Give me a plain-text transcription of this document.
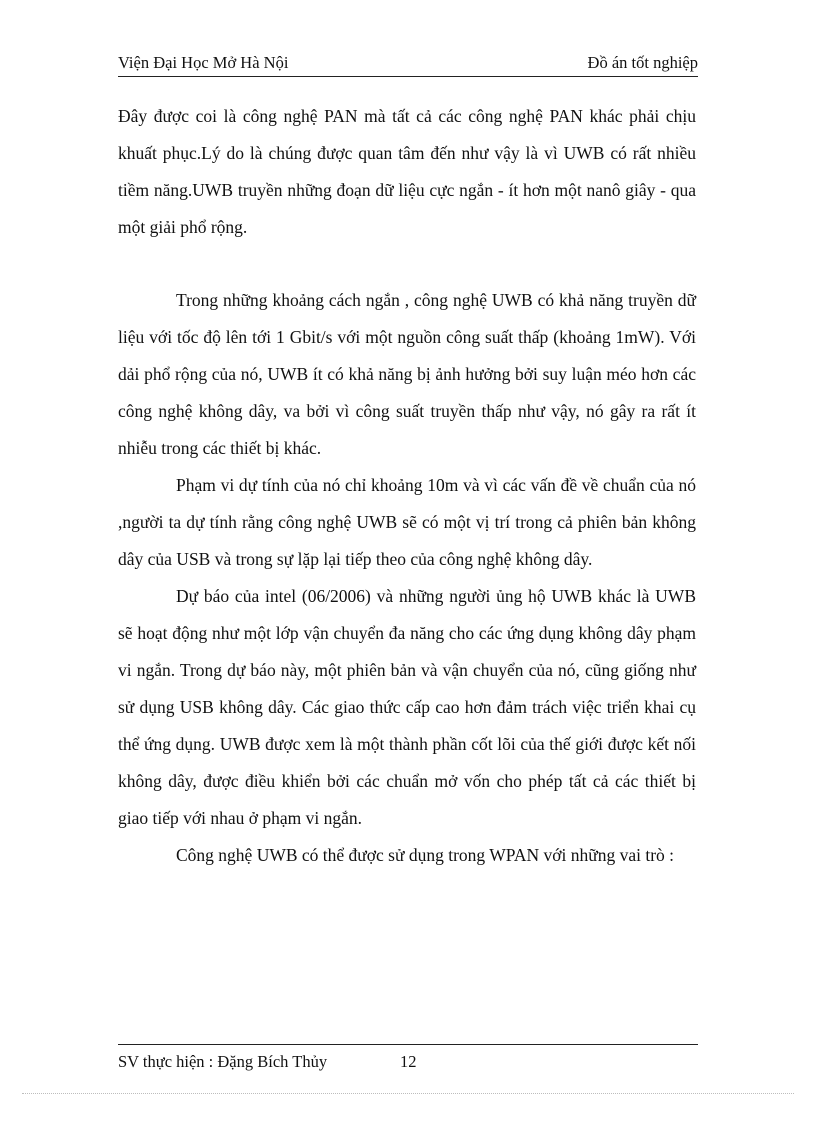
Viện Đại Học Mở Hà Nội	Đồ án tốt nghiệp

Đây được coi là công nghệ PAN mà tất cả các công nghệ PAN khác phải chịu khuất phục.Lý do là chúng được quan tâm đến như vậy là vì UWB có rất nhiều tiềm năng.UWB truyền những đoạn dữ liệu cực ngắn - ít hơn một nanô giây - qua một giải phổ rộng.

Trong những khoảng cách ngắn , công nghệ UWB có khả năng truyền dữ liệu với tốc độ lên tới 1 Gbit/s với một nguồn công suất thấp (khoảng 1mW). Với dải phổ rộng của nó, UWB ít có khả năng bị ảnh hưởng bởi suy luận méo hơn các công nghệ không dây, va bởi vì công suất truyền thấp như vậy, nó gây ra rất ít nhiễu trong các thiết bị khác.

Phạm vi dự tính của nó chỉ khoảng 10m và vì các vấn đề về chuẩn của nó ,người ta dự tính rằng công nghệ UWB sẽ có một vị trí trong cả phiên bản không dây của USB và trong sự lặp lại tiếp theo của công nghệ không dây.

Dự báo của intel (06/2006) và những người ủng hộ UWB khác là UWB sẽ hoạt động như một lớp vận chuyển đa năng cho các ứng dụng không dây phạm vi ngắn. Trong dự báo này, một phiên bản và vận chuyển của nó, cũng giống như sử dụng USB không dây. Các giao thức cấp cao hơn đảm trách việc triển khai cụ thể ứng dụng. UWB được xem là một thành phần cốt lõi của thế giới được kết nối không dây, được điều khiển bởi các chuẩn mở vốn cho phép tất cả các thiết bị giao tiếp với nhau ở phạm vi ngắn.

Công nghệ UWB có thể được sử dụng trong WPAN với những vai trò :

SV thực hiện : Đặng Bích Thủy	12
